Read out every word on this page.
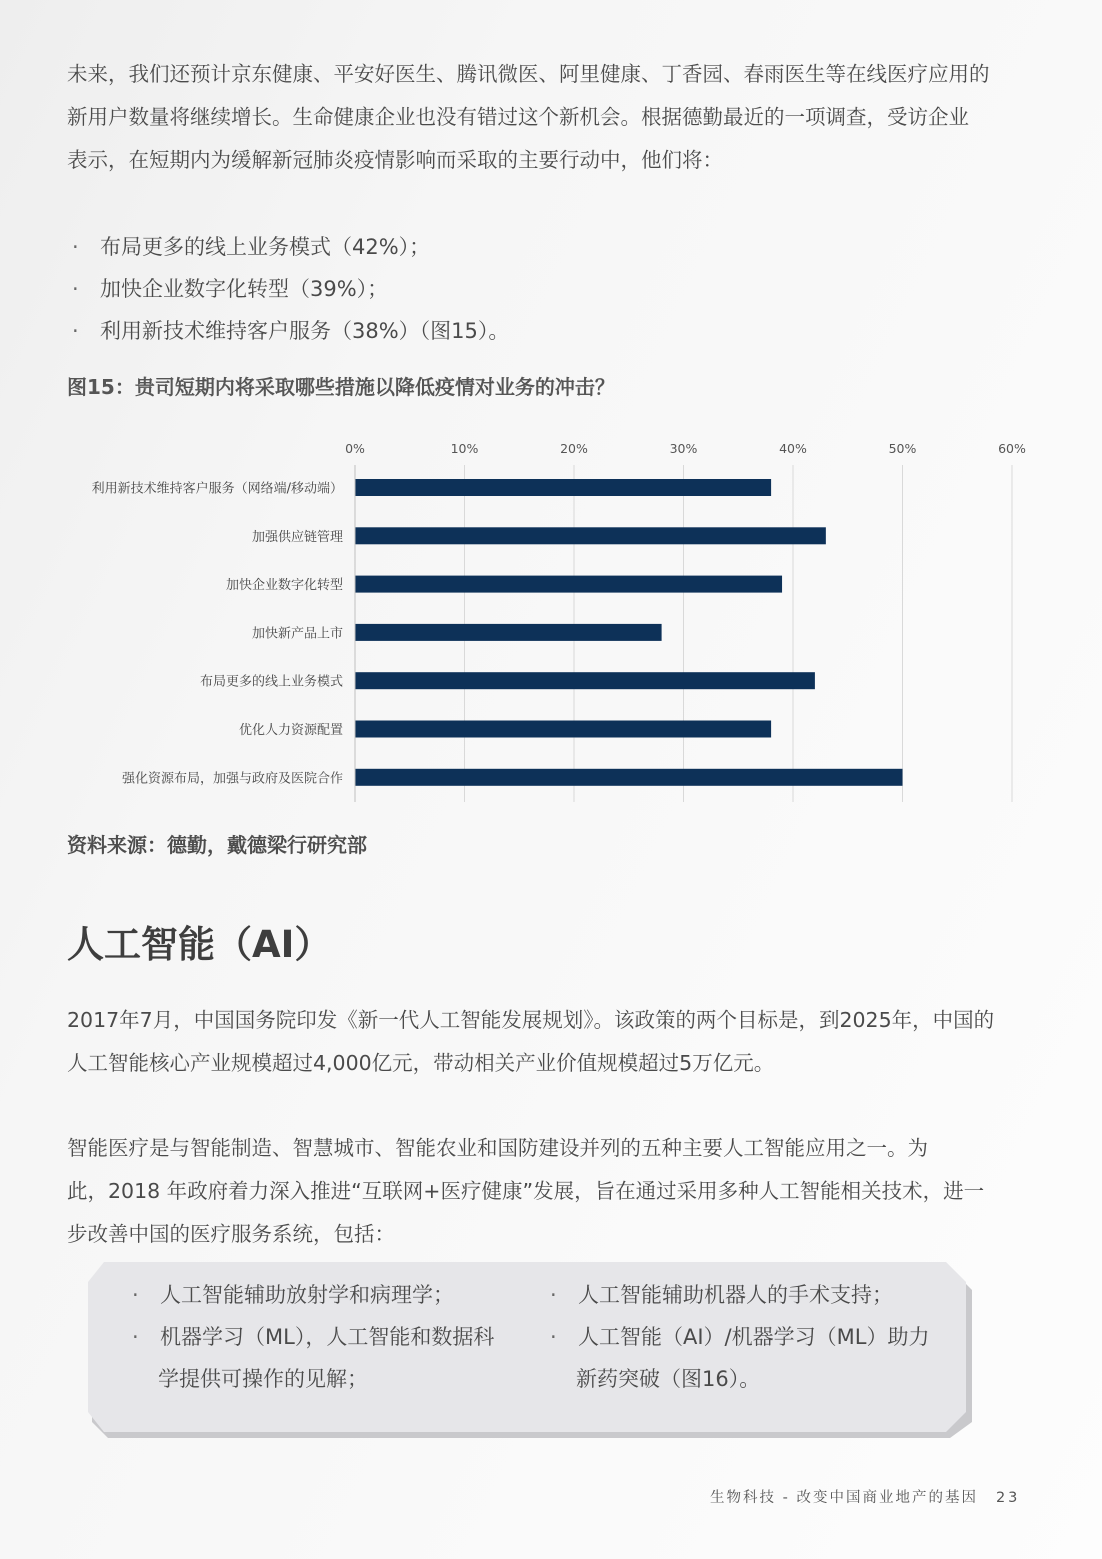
未来，我们还预计京东健康、平安好医生、腾讯微医、阿里健康、丁香园、春雨医生等在线医疗应用的
新用户数量将继续增长。生命健康企业也没有错过这个新机会。根据德勤最近的一项调查，受访企业
表示，在短期内为缓解新冠肺炎疫情影响而采取的主要行动中，他们将：

· 布局更多的线上业务模式（42%）；
· 加快企业数字化转型（39%）；
· 利用新技术维持客户服务（38%）（图15）。

图15：贵司短期内将采取哪些措施以降低疫情对业务的冲击？

0%	10%	20%	30%	40%	50%	60%
利用新技术维持客户服务（网络端/移动端）
加强供应链管理
加快企业数字化转型
加快新产品上市
布局更多的线上业务模式
优化人力资源配置
强化资源布局，加强与政府及医院合作

资料来源：德勤，戴德梁行研究部

人工智能（AI）

2017年7月，中国国务院印发《新一代人工智能发展规划》。该政策的两个目标是，到2025年，中国的
人工智能核心产业规模超过4,000亿元，带动相关产业价值规模超过5万亿元。

智能医疗是与智能制造、智慧城市、智能农业和国防建设并列的五种主要人工智能应用之一。为
此，2018 年政府着力深入推进“互联网+医疗健康”发展，旨在通过采用多种人工智能相关技术，进一
步改善中国的医疗服务系统，包括：

· 人工智能辅助放射学和病理学；
· 机器学习（ML），人工智能和数据科
学提供可操作的见解；
· 人工智能辅助机器人的手术支持；
· 人工智能（AI）/机器学习（ML）助力
新药突破（图16）。
生物科技 - 改变中国商业地产的基因 23
